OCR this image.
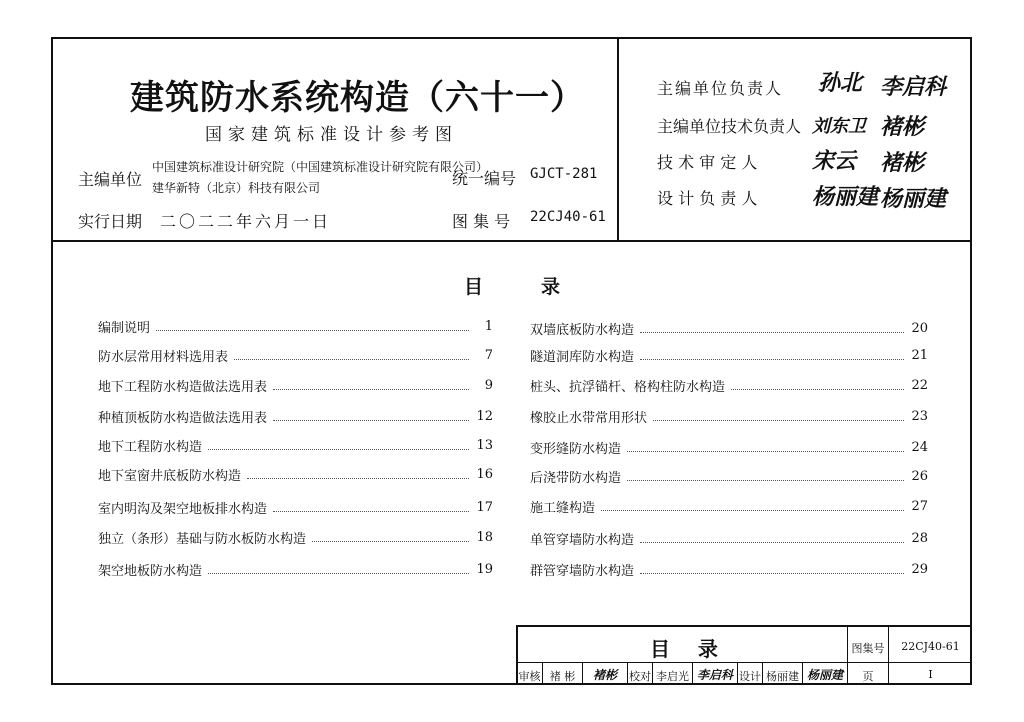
建筑防水系统构造（六十一）
国家建筑标准设计参考图
主编单位
中国建筑标准设计研究院（中国建筑标准设计研究院有限公司）
建华新特（北京）科技有限公司	统一编号 GJCT-281
实行日期 二〇二二年六月一日	图 集 号 22CJ40-61
主编单位负责人 孙北 李启科
主编单位技术负责人 刘东卫 褚彬
技 术 审 定 人 宋云 褚彬
设 计 负 责 人 杨丽建 杨丽建
目	录
编制说明	1
防水层常用材料选用表	7
地下工程防水构造做法选用表	9
种植顶板防水构造做法选用表	12
地下工程防水构造	13
地下室窗井底板防水构造	16
室内明沟及架空地板排水构造	17
独立（条形）基础与防水板防水构造	18
架空地板防水构造	19
双墙底板防水构造	20
隧道洞库防水构造	21
桩头、抗浮锚杆、格构柱防水构造	22
橡胶止水带常用形状	23
变形缝防水构造	24
后浇带防水构造	26
施工缝构造	27
单管穿墙防水构造	28
群管穿墙防水构造	29
目    录	图集号	22CJ40-61
审核 褚 彬	褚彬	校对 李启光 李启科 设计 杨丽建 杨丽建	页	I
